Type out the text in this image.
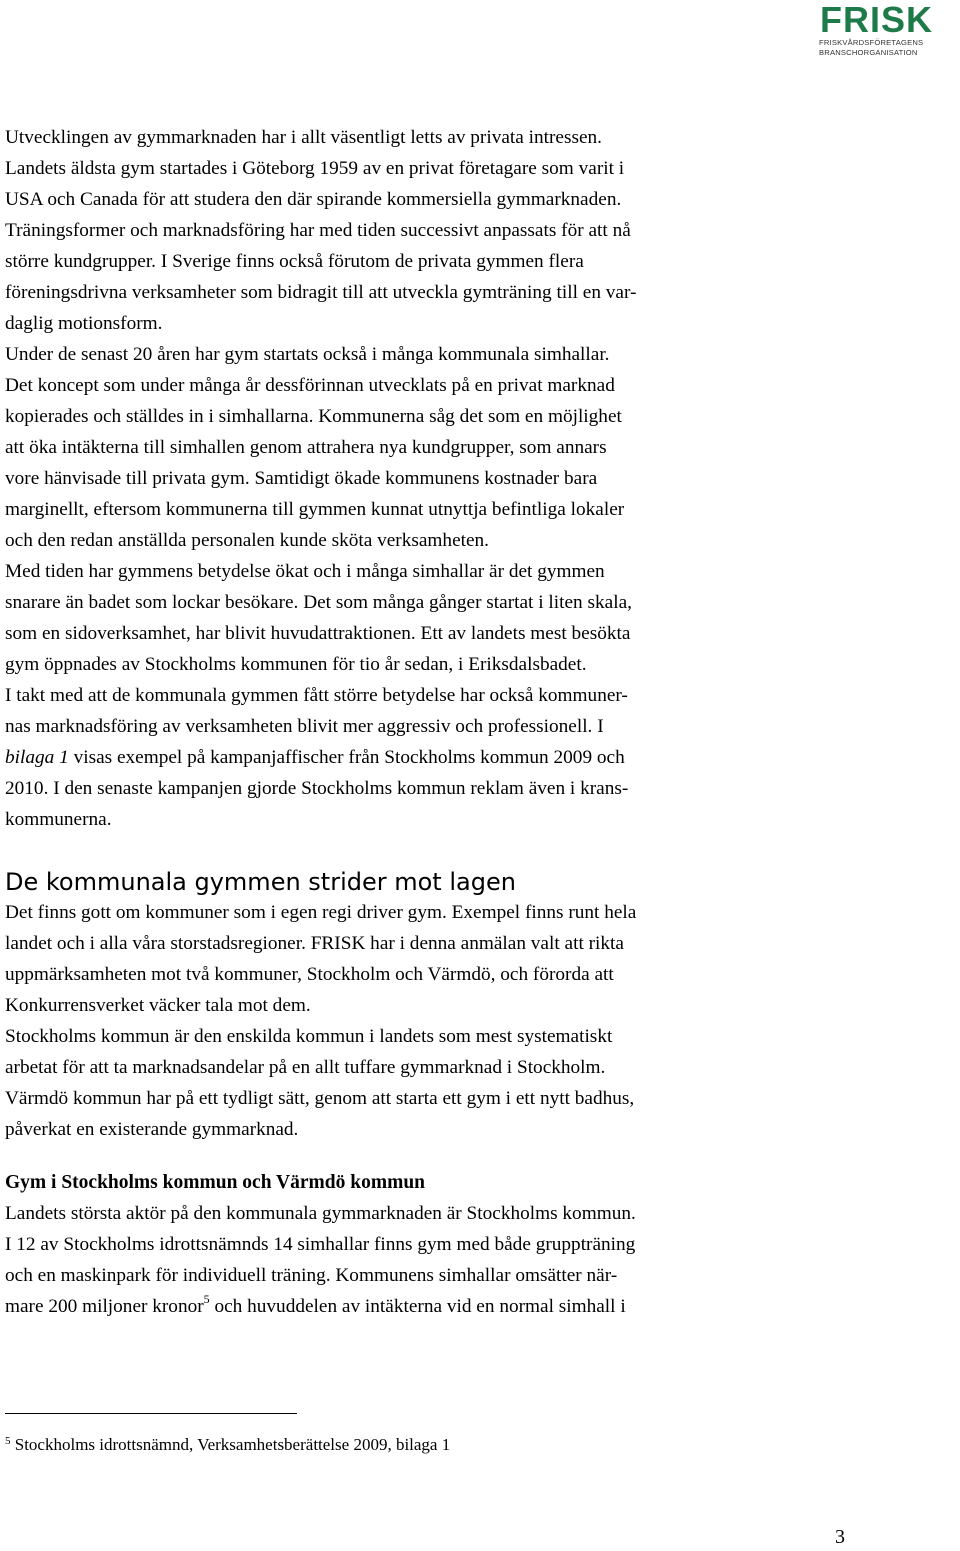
FRISK
FRISKVÅRDSFÖRETAGENS
BRANSCHORGANISATION

Utvecklingen av gymmarknaden har i allt väsentligt letts av privata intressen.
Landets äldsta gym startades i Göteborg 1959 av en privat företagare som varit i
USA och Canada för att studera den där spirande kommersiella gymmarknaden.
Träningsformer och marknadsföring har med tiden successivt anpassats för att nå
större kundgrupper. I Sverige finns också förutom de privata gymmen flera
föreningsdrivna verksamheter som bidragit till att utveckla gymträning till en var-
daglig motionsform.

Under de senast 20 åren har gym startats också i många kommunala simhallar.
Det koncept som under många år dessförinnan utvecklats på en privat marknad
kopierades och ställdes in i simhallarna. Kommunerna såg det som en möjlighet
att öka intäkterna till simhallen genom attrahera nya kundgrupper, som annars
vore hänvisade till privata gym. Samtidigt ökade kommunens kostnader bara
marginellt, eftersom kommunerna till gymmen kunnat utnyttja befintliga lokaler
och den redan anställda personalen kunde sköta verksamheten.

Med tiden har gymmens betydelse ökat och i många simhallar är det gymmen
snarare än badet som lockar besökare. Det som många gånger startat i liten skala,
som en sidoverksamhet, har blivit huvudattraktionen. Ett av landets mest besökta
gym öppnades av Stockholms kommunen för tio år sedan, i Eriksdalsbadet.

I takt med att de kommunala gymmen fått större betydelse har också kommuner-
nas marknadsföring av verksamheten blivit mer aggressiv och professionell. I
bilaga 1 visas exempel på kampanjaffischer från Stockholms kommun 2009 och
2010. I den senaste kampanjen gjorde Stockholms kommun reklam även i krans-
kommunerna.

De kommunala gymmen strider mot lagen

Det finns gott om kommuner som i egen regi driver gym. Exempel finns runt hela
landet och i alla våra storstadsregioner. FRISK har i denna anmälan valt att rikta
uppmärksamheten mot två kommuner, Stockholm och Värmdö, och förorda att
Konkurrensverket väcker tala mot dem.

Stockholms kommun är den enskilda kommun i landets som mest systematiskt
arbetat för att ta marknadsandelar på en allt tuffare gymmarknad i Stockholm.
Värmdö kommun har på ett tydligt sätt, genom att starta ett gym i ett nytt badhus,
påverkat en existerande gymmarknad.

Gym i Stockholms kommun och Värmdö kommun

Landets största aktör på den kommunala gymmarknaden är Stockholms kommun.
I 12 av Stockholms idrottsnämnds 14 simhallar finns gym med både gruppträning
och en maskinpark för individuell träning. Kommunens simhallar omsätter när-
mare 200 miljoner kronor$^5$ och huvuddelen av intäkterna vid en normal simhall i

$^5$ Stockholms idrottsnämnd, Verksamhetsberättelse 2009, bilaga 1
3
